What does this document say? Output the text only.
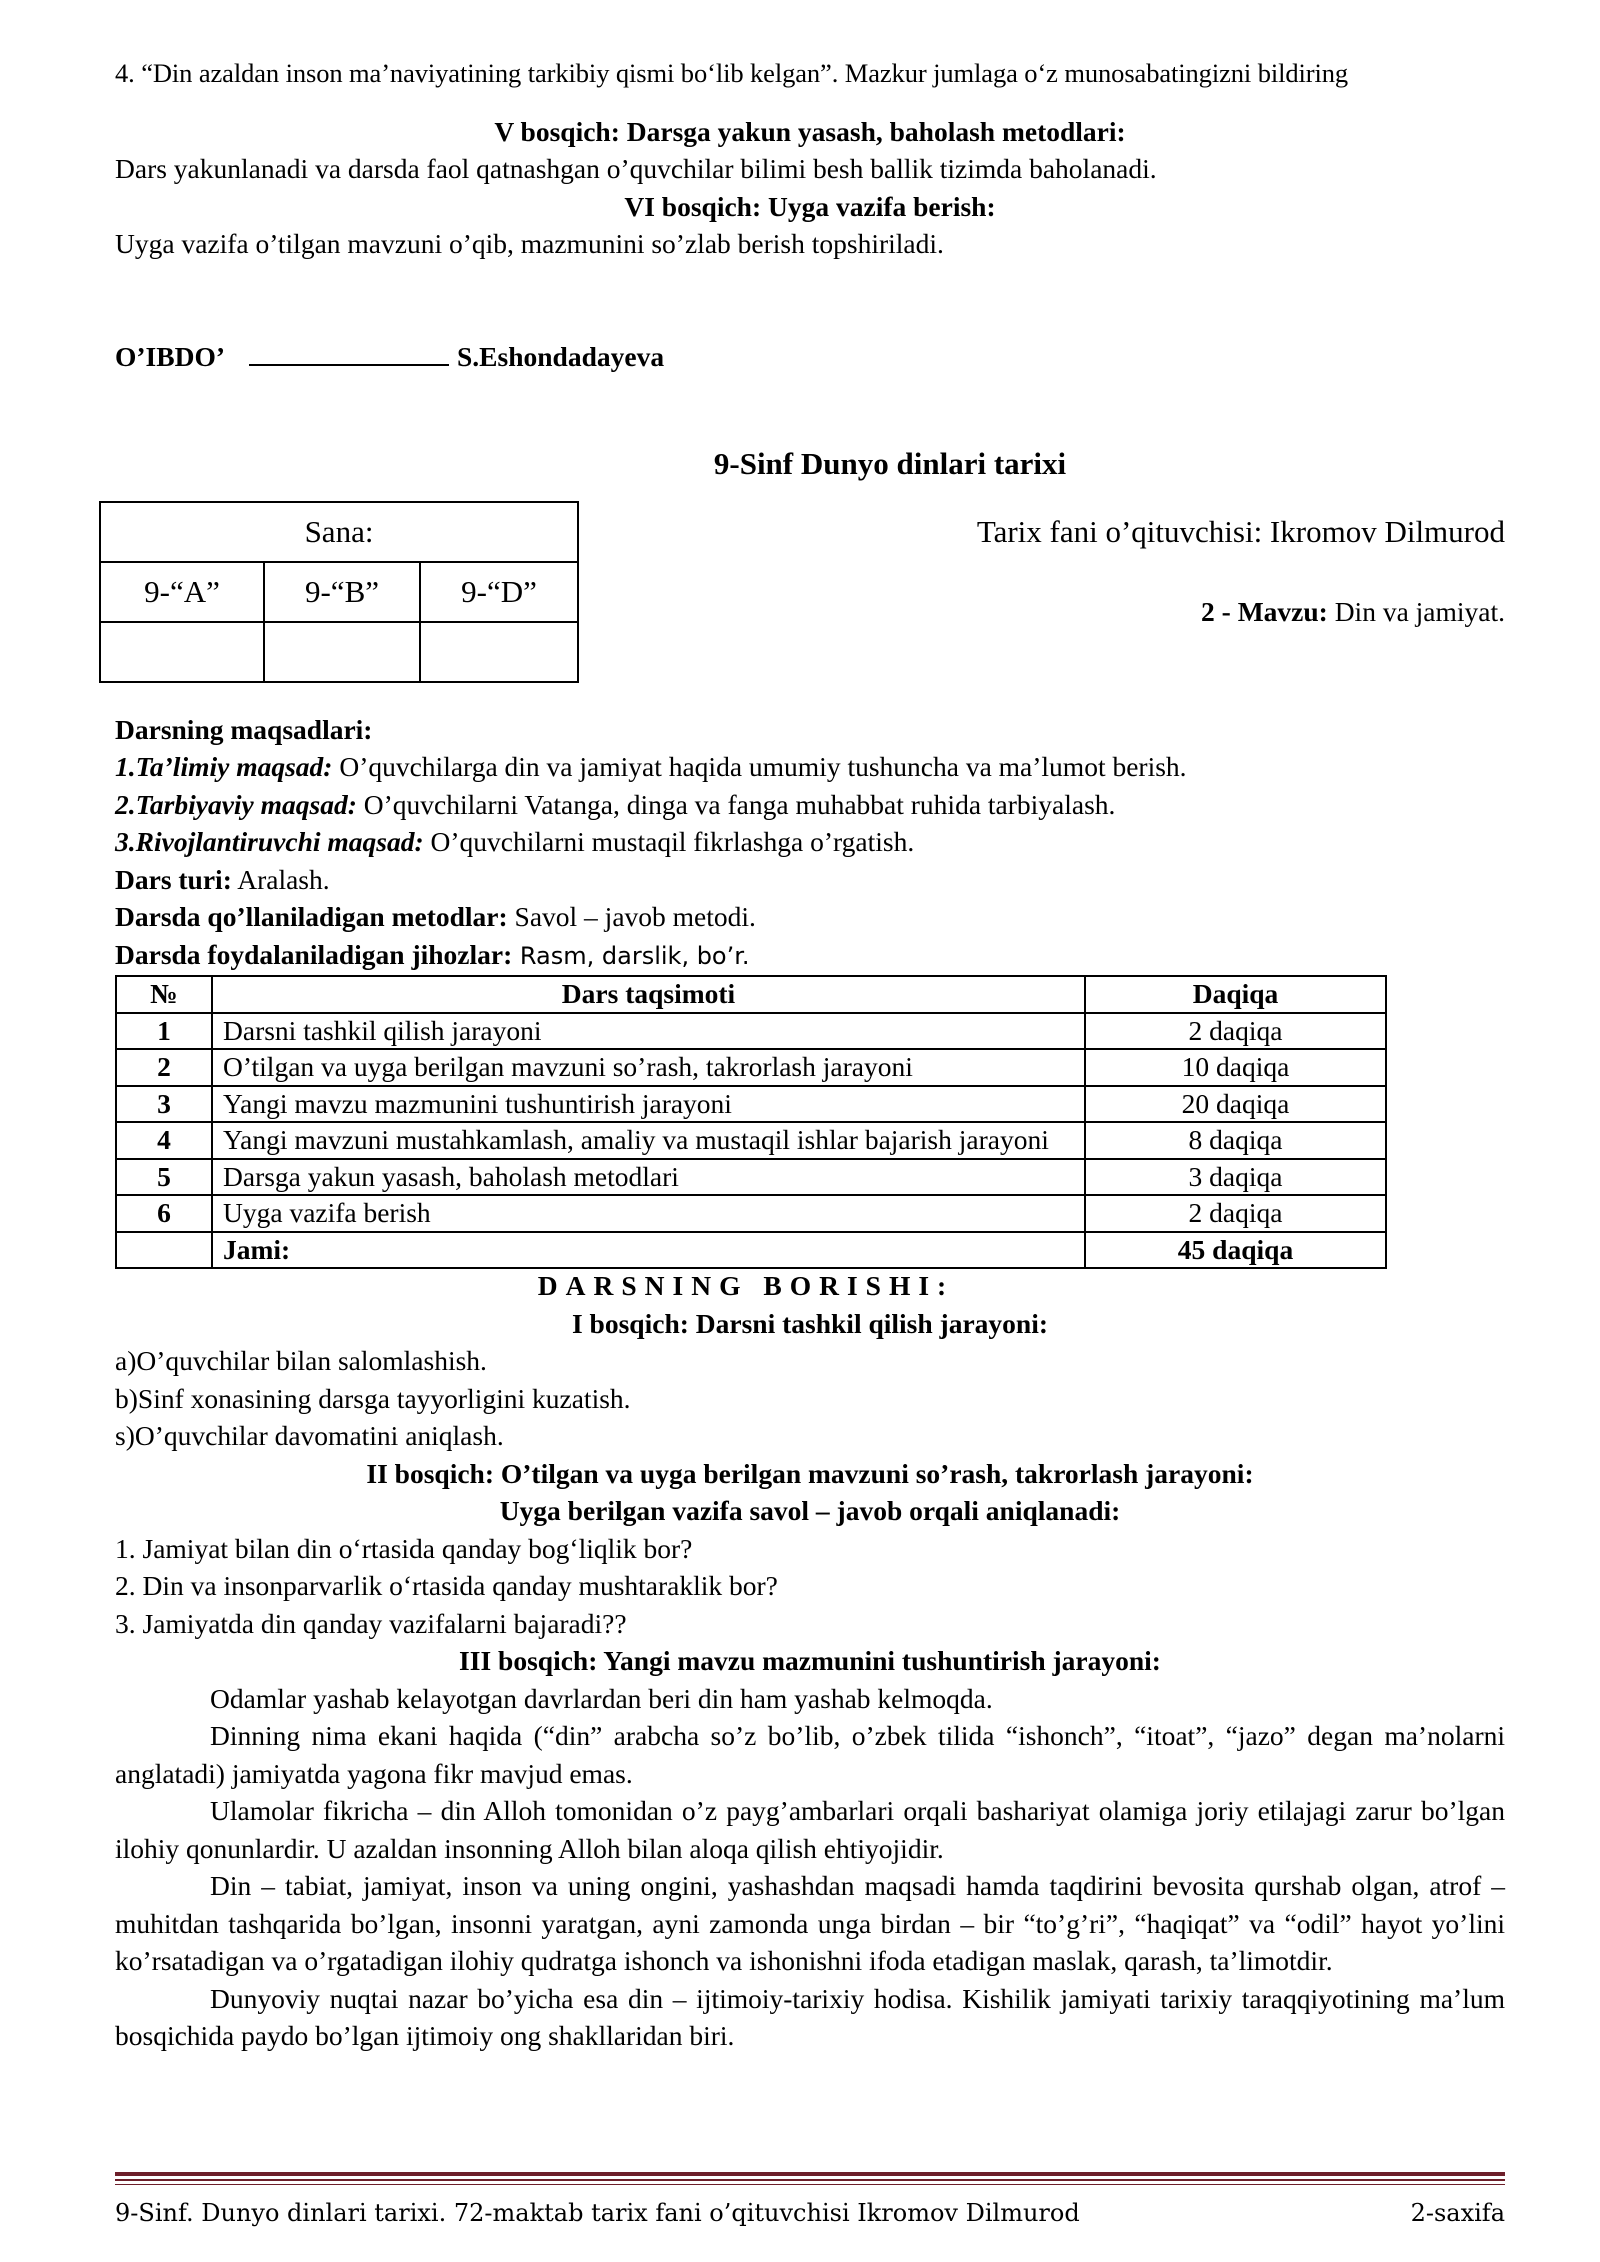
4. “Din azaldan inson ma’naviyatining tarkibiy qismi bo‘lib kelgan”. Mazkur jumlaga o‘z munosabatingizni bildiring

V bosqich: Darsga yakun yasash, baholash metodlari:

Dars yakunlanadi va darsda faol qatnashgan o’quvchilar bilimi besh ballik tizimda baholanadi.

VI bosqich: Uyga vazifa berish:

Uyga vazifa o’tilgan mavzuni o’qib, mazmunini so’zlab berish topshiriladi.

O’IBDO’	S.Eshondadayeva

9-Sinf Dunyo dinlari tarixi

Sana:		
9-“A”	9-“B”	9-“D”

Tarix fani o’qituvchisi: Ikromov Dilmurod

2 - Mavzu: Din va jamiyat.

Darsning maqsadlari:

1.Ta’limiy maqsad: O’quvchilarga din va jamiyat haqida umumiy tushuncha va ma’lumot berish.

2.Tarbiyaviy maqsad: O’quvchilarni Vatanga, dinga va fanga muhabbat ruhida tarbiyalash.

3.Rivojlantiruvchi maqsad: O’quvchilarni mustaqil fikrlashga o’rgatish.

Dars turi: Aralash.

Darsda qo’llaniladigan metodlar: Savol – javob metodi.

Darsda foydalaniladigan jihozlar: Rasm, darslik, bo’r.

№	Dars taqsimoti	Daqiqa
1	Darsni tashkil qilish jarayoni	2 daqiqa
2	O’tilgan va uyga berilgan mavzuni so’rash, takrorlash jarayoni	10 daqiqa
3	Yangi mavzu mazmunini tushuntirish jarayoni	20 daqiqa
4	Yangi mavzuni mustahkamlash, amaliy va mustaqil ishlar bajarish jarayoni	8 daqiqa
5	Darsga yakun yasash, baholash metodlari	3 daqiqa
6	Uyga vazifa berish	2 daqiqa
	Jami:	45 daqiqa

DARSNING BORISHI:

I bosqich: Darsni tashkil qilish jarayoni:

a)O’quvchilar bilan salomlashish.

b)Sinf xonasining darsga tayyorligini kuzatish.

s)O’quvchilar davomatini aniqlash.

II bosqich: O’tilgan va uyga berilgan mavzuni so’rash, takrorlash jarayoni:

Uyga berilgan vazifa savol – javob orqali aniqlanadi:

1. Jamiyat bilan din o‘rtasida qanday bog‘liqlik bor?

2. Din va insonparvarlik o‘rtasida qanday mushtaraklik bor?

3. Jamiyatda din qanday vazifalarni bajaradi??

III bosqich: Yangi mavzu mazmunini tushuntirish jarayoni:

Odamlar yashab kelayotgan davrlardan beri din ham yashab kelmoqda.

Dinning nima ekani haqida (“din” arabcha so’z bo’lib, o’zbek tilida “ishonch”, “itoat”, “jazo” degan ma’nolarni anglatadi) jamiyatda yagona fikr mavjud emas.

Ulamolar fikricha – din Alloh tomonidan o’z payg’ambarlari orqali bashariyat olamiga joriy etilajagi zarur bo’lgan ilohiy qonunlardir. U azaldan insonning Alloh bilan aloqa qilish ehtiyojidir.

Din – tabiat, jamiyat, inson va uning ongini, yashashdan maqsadi hamda taqdirini bevosita qurshab olgan, atrof – muhitdan tashqarida bo’lgan, insonni yaratgan, ayni zamonda unga birdan – bir “to’g’ri”, “haqiqat” va “odil” hayot yo’lini ko’rsatadigan va o’rgatadigan ilohiy qudratga ishonch va ishonishni ifoda etadigan maslak, qarash, ta’limotdir.

Dunyoviy nuqtai nazar bo’yicha esa din – ijtimoiy-tarixiy hodisa. Kishilik jamiyati tarixiy taraqqiyotining ma’lum bosqichida paydo bo’lgan ijtimoiy ong shakllaridan biri.

9-Sinf. Dunyo dinlari tarixi. 72-maktab tarix fani o’qituvchisi Ikromov Dilmurod	2-saxifa
